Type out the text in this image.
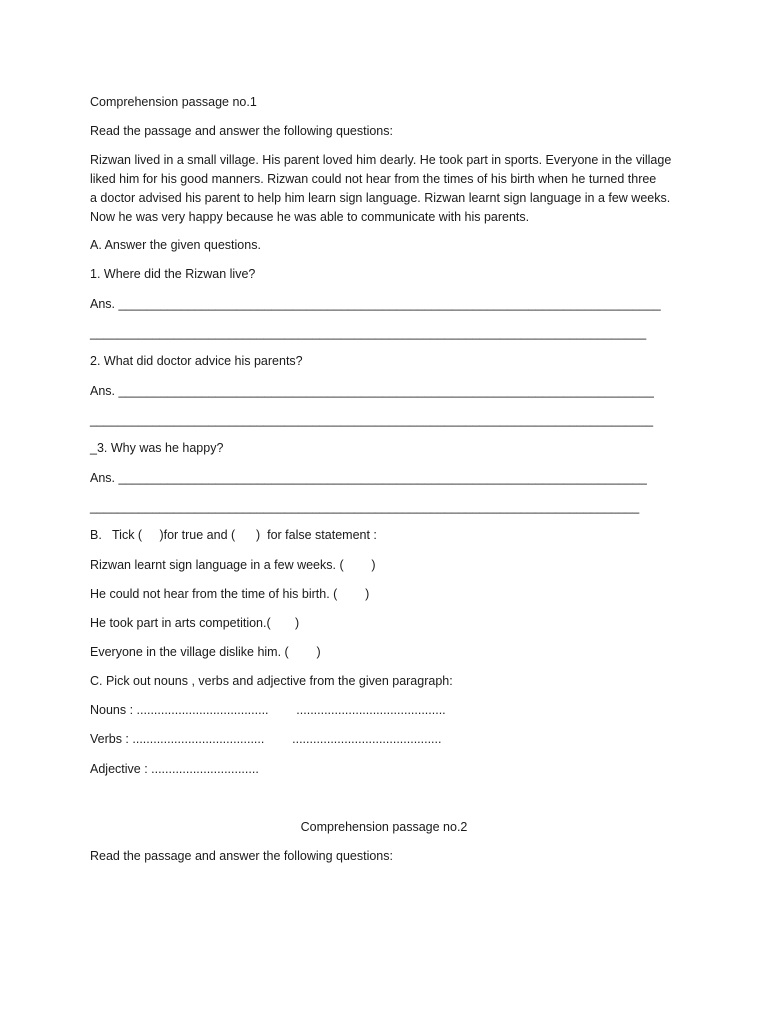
Comprehension passage no.1
Read the passage and answer the following questions:
Rizwan lived in a small village. His parent loved him dearly. He took part in sports. Everyone in the village
liked him for his good manners. Rizwan could not hear from the times of his birth when he turned three
a doctor advised his parent to help him learn sign language. Rizwan learnt sign language in a few weeks.
Now he was very happy because he was able to communicate with his parents.
A. Answer the given questions.
1. Where did the Rizwan live?
Ans. ______________________________________________________________________________
________________________________________________________________________________
2. What did doctor advice his parents?
Ans. _____________________________________________________________________________
_________________________________________________________________________________
_3. Why was he happy?
Ans. ____________________________________________________________________________
_______________________________________________________________________________
B.   Tick (     )for true and (      )  for false statement :
Rizwan learnt sign language in a few weeks. (        )
He could not hear from the time of his birth. (        )
He took part in arts competition.(       )
Everyone in the village dislike him. (        )
C. Pick out nouns , verbs and adjective from the given paragraph:
Nouns : ......................................        ...........................................
Verbs : ......................................        ...........................................
Adjective : ...............................
Comprehension passage no.2
Read the passage and answer the following questions:
